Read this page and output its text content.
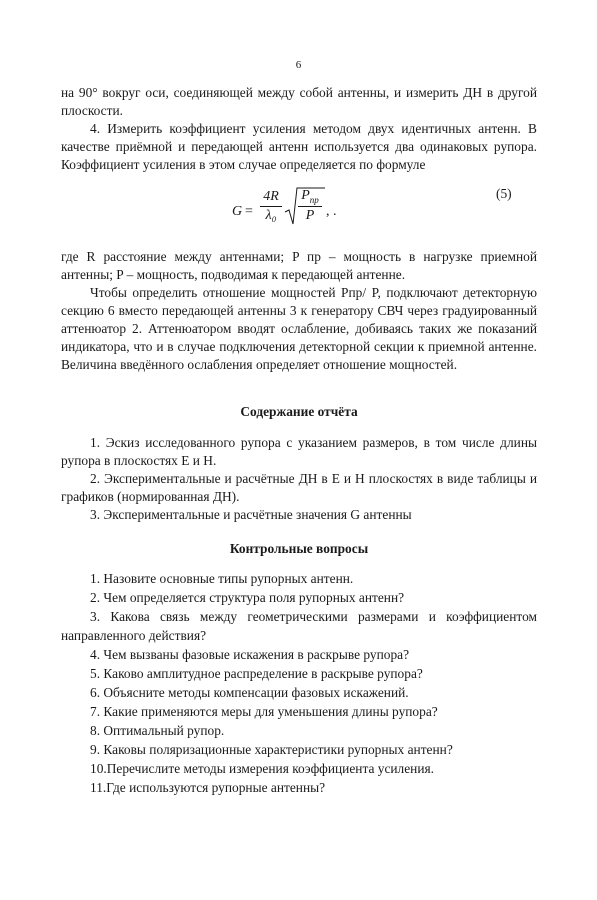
6
на 90° вокруг оси, соединяющей между собой антенны, и измерить ДН в другой плоскости.
4. Измерить коэффициент усиления методом двух идентичных антенн. В качестве приёмной и передающей антенн используется два одинаковых рупора. Коэффициент усиления в этом случае определяется по формуле
G =
4R
λ₀
$P_{пр}$
P , .
(5)
где R расстояние между антеннами; P пр – мощность в нагрузке приемной антенны; P – мощность, подводимая к передающей антенне.
Чтобы определить отношение мощностей Pпр/ P, подключают детекторную секцию 6 вместо передающей антенны 3 к генератору СВЧ через градуированный аттенюатор 2. Аттенюатором вводят ослабление, добиваясь таких же показаний индикатора, что и в случае подключения детекторной секции к приемной антенне. Величина введённого ослабления определяет отношение мощностей.
Содержание отчёта
1. Эскиз исследованного рупора с указанием размеров, в том числе длины рупора в плоскостях E и H.
2. Экспериментальные и расчётные ДН в E и H плоскостях в виде таблицы и графиков (нормированная ДН).
3. Экспериментальные и расчётные значения G антенны
Контрольные вопросы
1. Назовите основные типы рупорных антенн.
2. Чем определяется структура поля рупорных антенн?
3. Какова связь между геометрическими размерами и коэффициентом направленного действия?
4. Чем вызваны фазовые искажения в раскрыве рупора?
5. Каково амплитудное распределение в раскрыве рупора?
6. Объясните методы компенсации фазовых искажений.
7. Какие применяются меры для уменьшения длины рупора?
8. Оптимальный рупор.
9. Каковы поляризационные характеристики рупорных антенн?
10.Перечислите методы измерения коэффициента усиления.
11.Где используются рупорные антенны?
